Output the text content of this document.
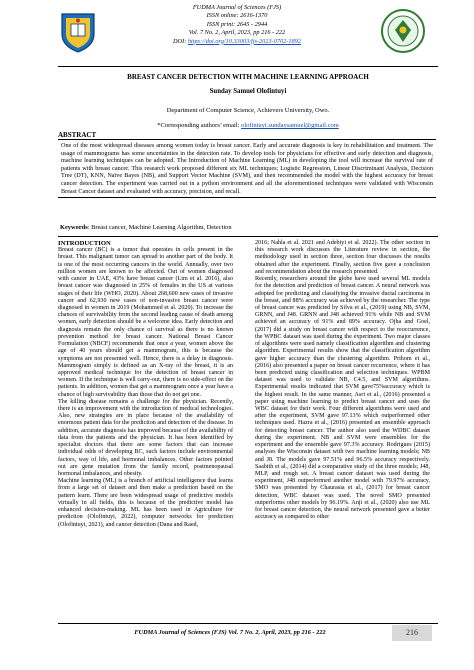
FUDMA Journal of Sciences (FJS)
ISSN online: 2616-1370
ISSN print: 2645 - 2944
Vol. 7 No. 2, April, 2023, pp 216 - 222
DOI: https://doi.org/10.33003/fjs-2023-0702-1892
BREAST CANCER DETECTION WITH MACHINE LEARNING APPROACH
Sunday Samuel Olofintuyi
Department of Computer Science, Achievers University, Owo.
*Corresponding authors’ email: olofintuyi.sundaysamuel@gmail.com
ABSTRACT
One of the most widespread diseases among women today is breast cancer. Early and accurate diagnosis is key in rehabilitation and treatment. The usage of mammograms has some uncertainties in the detection rate. To develop tools for physicians for effective and early detection and diagnosis, machine learning techniques can be adopted. The Introduction of Machine Learning (ML) in developing the tool will increase the survival rate of patients with breast cancer. This research work proposed different six ML techniques; Logistic Regression, Linear Discriminant Analysis, Decision Tree (DT), KNN, Naïve Bayes (NB), and Support Vector Machine (SVM), and then recommended the model with the highest accuracy for breast cancer detection. The experiment was carried out in a python environment and all the aforementioned techniques were validated with Wisconsin Breast Cancer dataset and evaluated with accuracy, precision, and recall.
Keywords: Breast cancer, Machine Learning Algorithm, Detection

INTRODUCTION

Breast cancer (BC) is a tumor that operates in cells present in the breast. This malignant tumor can spread to another part of the body. It is one of the most occurring cancers in the world. Annually, over two million women are known to be affected. Out of women diagnosed with cancer in UAE, 43% have breast cancer (Lim et al. 2016), also breast cancer was diagnosed in 25% of females in the US at various stages of their life (WHO, 2020). About 268,600 new cases of invasive cancer and 62,930 new cases of non-invasive breast cancer were diagnosed in women in 2019 (Mohammed et al. 2020). To increase the chances of survivability from the second leading cause of death among women, early detection should be a welcome idea. Early detection and diagnosis remain the only chance of survival as there is no known prevention method for breast cancer. National Breast Cancer Formulation (NBCF) recommends that once a year, women above the age of 40 years should get a mammogram, this is because the symptoms are not presented well. Hence, there is a delay in diagnosis. Mammogram simply is defined as an X-ray of the breast, it is an approved medical technique for the detection of breast cancer in women. If the technique is well carry-out, there is no side-effect on the patients. In addition, women that get a mammogram once a year have a chance of high survivability than those that do not get one.

The killing disease remains a challenge for the physician. Recently, there is an improvement with the introduction of medical technologies. Also, new strategies are in place because of the availability of enormous patient data for the prediction and detection of the disease. In addition, accurate diagnosis has improved because of the availability of data from the patients and the physician. It has been identified by specialist doctors that there are some factors that can increase individual odds of developing BC, such factors include environmental factors, way of life, and hormonal imbalances. Other factors pointed out are gene mutation from the family record, postmenopausal hormonal imbalances, and obesity.

Machine learning (ML) is a branch of artificial intelligence that learns from a large set of dataset and then make a prediction based on the pattern learn. There are been widespread usage of predictive models virtually in all fields, this is because of the predictive model has enhanced decision-making. ML has been used in Agriculture for prediction (Olofintuyi, 2022), computer networks for prediction (Olofintuyi, 2021), and cancer detection (Dana and Raed,

2016; Nahla et al. 2021 and Adebiyi et al. 2022). The other section in this research work discusses the Literature review in section, the methodology used in section three, section four discusses the results obtained after the experiment. Finally, section five gave a conclusion and recommendation about the research presented.

Recently, researchers around the globe have used several ML models for the detection and prediction of breast cancer. A neural network was adopted for predicting and classifying the invasive ductal carcinoma in the breast, and 88% accuracy was achieved by the researcher. The type of breast cancer was predicted by Silva et al., (2019) using NB, SVM, GRNN, and J48. GRNN and J48 achieved 91% while NB and SVM achieved an accuracy of 91% and 89% accuracy. Ojha and Goel, (2017) did a study on breast cancer with respect to the reoccurrence, the WPBC dataset was used during the experiment. Two major classes of algorithms were used namely classification algorithm and clustering algorithm. Experimental results show that the classification algorithm gave higher accuracy than the clustering algorithm. Prihom et al., (2016) also presented a paper on breast cancer recurrence, where it has been predicted using classification and selection techniques. WPBM dataset was used to validate NB, C4.5, and SVM algorithms. Experimental results indicated that SVM gave75%accuracy which is the highest result. In the same manner, Asri et al., (2016) presented a paper using machine learning to predict breast cancer and uses the WBC dataset for their work. Four different algorithms were used and after the experiment, SVM gave 97.13% which outperformed other techniques used. Hazra et al., (2016) presented an ensemble approach for detecting breast cancer. The author also used the WDBC dataset during the experiment. NB and SVM were ensembles for the experiment and the ensemble gave 97.3% accuracy. Rodrigues (2015) analyses the Wisconsin dataset with two machine learning models; NB and J8. The models gave 97.51% and 96.5% accuracy respectively. Saabith et al., (2014) did a comparative study of the three models; J48, MLP, and rough set. A breast cancer dataset was used during the experiment, J48 outperformed another model with 79.97% accuracy. SMO was presented by Chaurasia et al., (2017) for breast cancer detection, WBC dataset was used. The novel SMO presented outperforms other models by 96.19%. Anji et al., (2020) also use ML for breast cancer detection, the neural network presented gave a better accuracy as compared to other

FUDMA Journal of Sciences (FJS) Vol. 7 No. 2, April, 2023, pp 216 - 222	216
